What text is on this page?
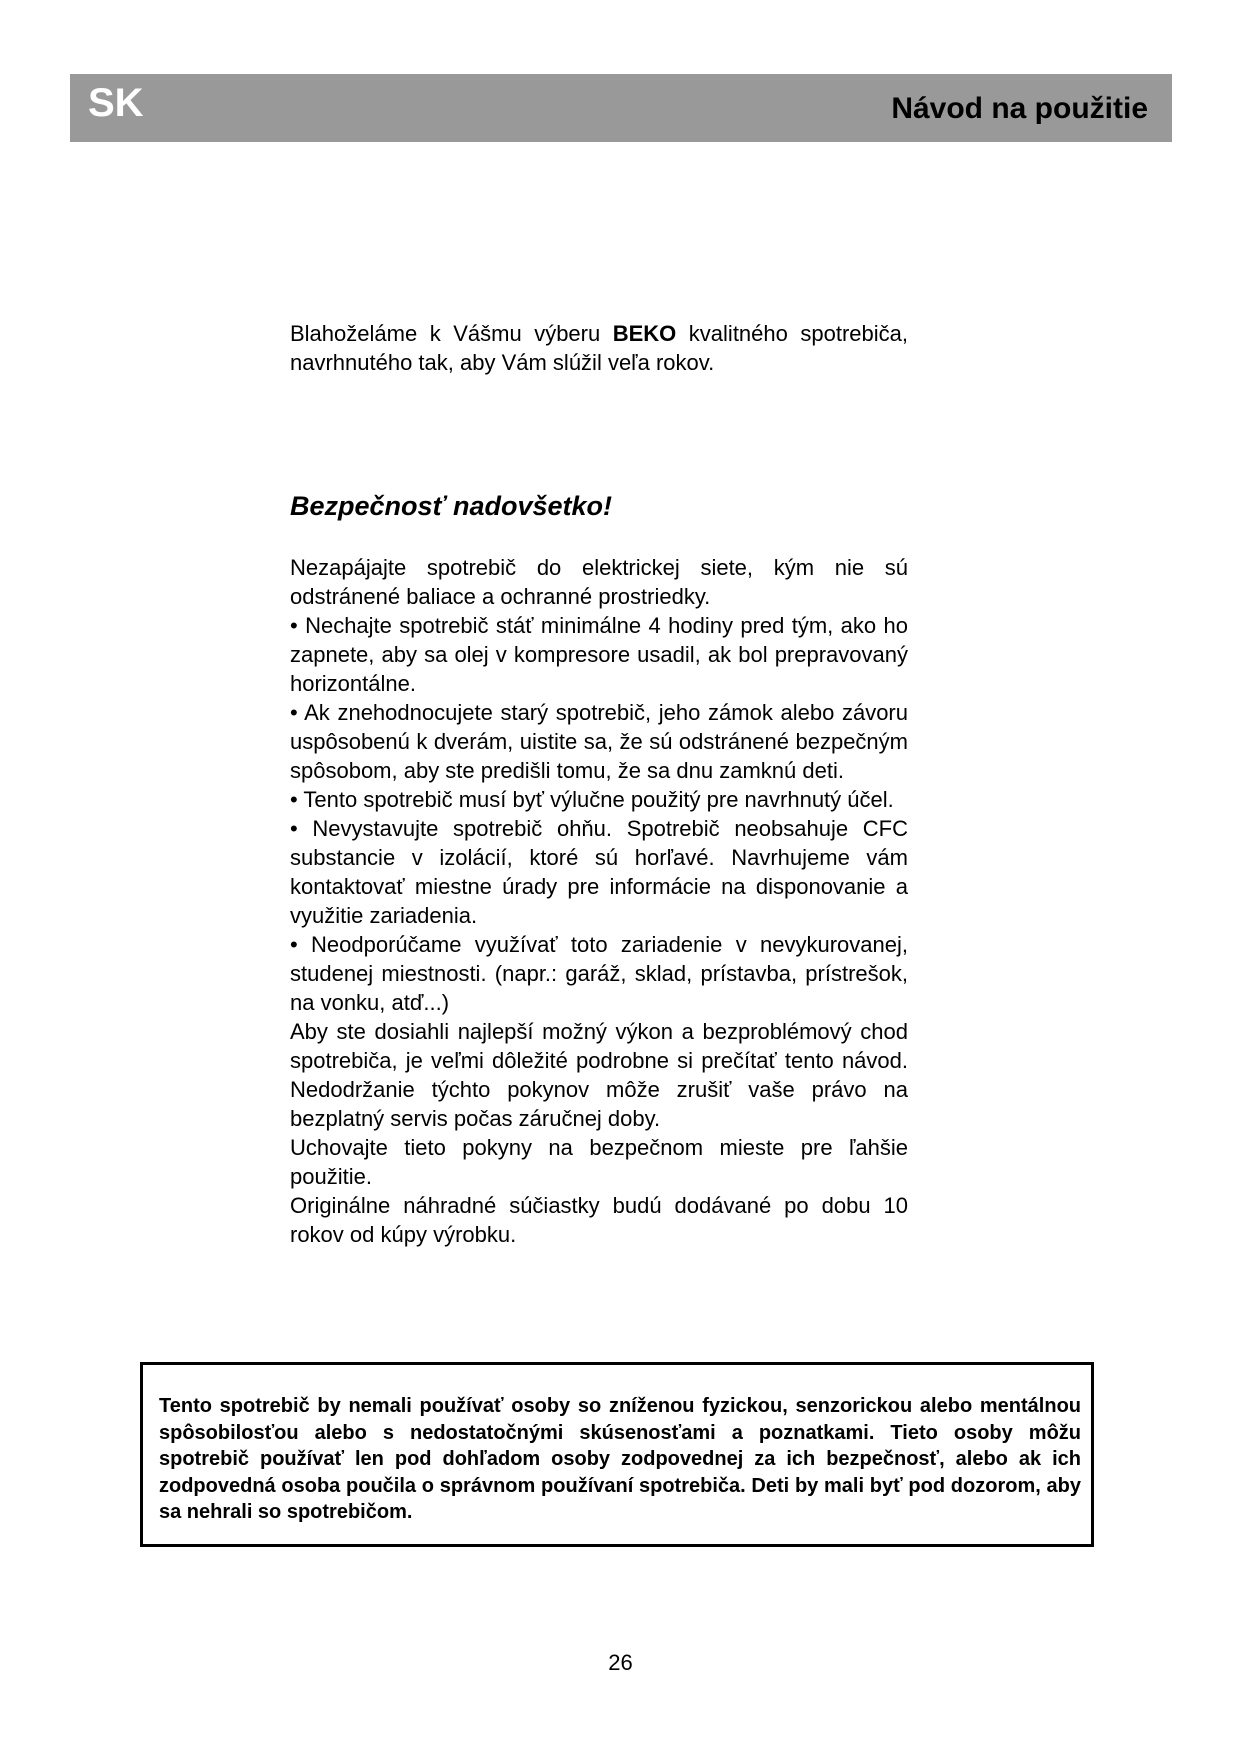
SK	Návod na použitie
Blahoželáme k Vášmu výberu BEKO kvalitného spotrebiča, navrhnutého tak, aby Vám slúžil veľa rokov.
Bezpečnosť nadovšetko!

Nezapájajte spotrebič do elektrickej siete, kým nie sú odstránené baliace a ochranné prostriedky.

• Nechajte spotrebič stáť minimálne 4 hodiny pred tým, ako ho zapnete, aby sa olej v kompresore usadil, ak bol prepravovaný horizontálne.

• Ak znehodnocujete starý spotrebič, jeho zámok alebo závoru uspôsobenú k dverám, uistite sa, že sú odstránené bezpečným spôsobom, aby ste predišli tomu, že sa dnu zamknú deti.

• Tento spotrebič musí byť výlučne použitý pre navrhnutý účel.

• Nevystavujte spotrebič ohňu. Spotrebič neobsahuje CFC substancie v izolácií, ktoré sú horľavé. Navrhujeme vám kontaktovať miestne úrady pre informácie na disponovanie a využitie zariadenia.

• Neodporúčame využívať toto zariadenie v nevykurovanej, studenej miestnosti. (napr.: garáž, sklad, prístavba, prístrešok, na vonku, atď...)

Aby ste dosiahli najlepší možný výkon a bezproblémový chod spotrebiča, je veľmi dôležité podrobne si prečítať tento návod. Nedodržanie týchto pokynov môže zrušiť vaše právo na bezplatný servis počas záručnej doby.

Uchovajte tieto pokyny na bezpečnom mieste pre ľahšie použitie.

Originálne náhradné súčiastky budú dodávané po dobu 10 rokov od kúpy výrobku.

Tento spotrebič by nemali používať osoby so zníženou fyzickou, senzorickou alebo mentálnou spôsobilosťou alebo s nedostatočnými skúsenosťami a poznatkami. Tieto osoby môžu spotrebič používať len pod dohľadom osoby zodpovednej za ich bezpečnosť, alebo ak ich zodpovedná osoba poučila o správnom používaní spotrebiča. Deti by mali byť pod dozorom, aby sa nehrali so spotrebičom.

26
